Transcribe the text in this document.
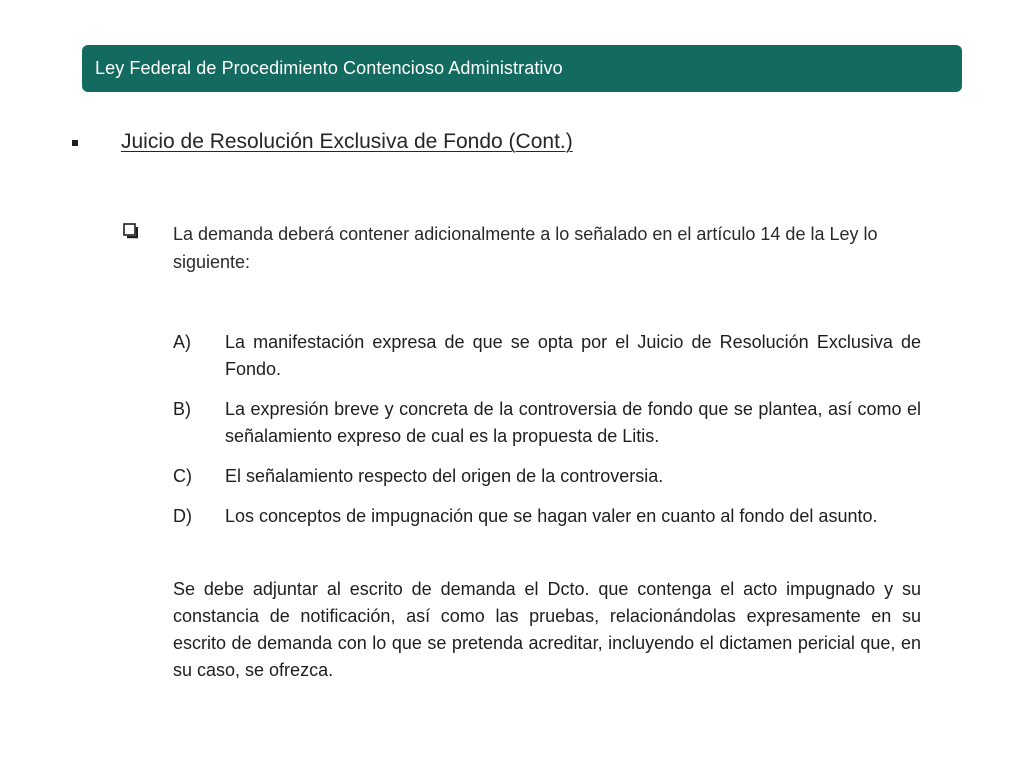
Ley Federal de Procedimiento Contencioso Administrativo
Juicio de Resolución Exclusiva de Fondo (Cont.)
La demanda deberá contener adicionalmente a lo señalado en el artículo 14 de la Ley lo siguiente:
A)	La manifestación expresa de que se opta por el Juicio de Resolución Exclusiva de Fondo.
B)	La expresión breve y concreta de la controversia de fondo que se plantea, así como el señalamiento expreso de cual es la propuesta de Litis.
C)	El señalamiento respecto del origen de la controversia.
D)	Los conceptos de impugnación que se hagan valer en cuanto al fondo del asunto.

Se debe adjuntar al escrito de demanda el Dcto. que contenga el acto impugnado y su constancia de notificación, así como las pruebas, relacionándolas expresamente en su escrito de demanda con lo que se pretenda acreditar, incluyendo el dictamen pericial que, en su caso, se ofrezca.
